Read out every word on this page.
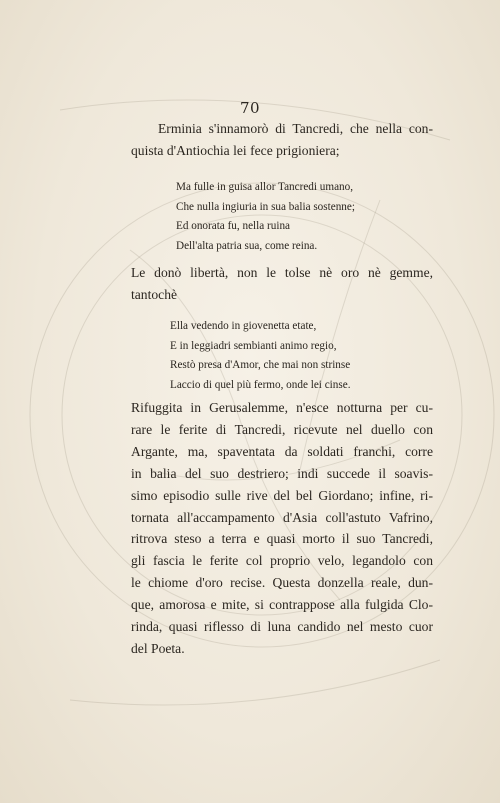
70
Erminia s'innamorò di Tancredi, che nella con-
quista d'Antiochia lei fece prigioniera;
Ma fulle in guisa allor Tancredi umano,
Che nulla ingiuria in sua balia sostenne;
Ed onorata fu, nella ruina
Dell'alta patria sua, come reina.
Le donò libertà, non le tolse nè oro nè gemme,
tantochè
Ella vedendo in giovenetta etate,
E in leggiadri sembianti animo regio,
Restò presa d'Amor, che mai non strinse
Laccio di quel più fermo, onde lei cinse.
Rifuggita in Gerusalemme, n'esce notturna per cu-
rare le ferite di Tancredi, ricevute nel duello con
Argante, ma, spaventata da soldati franchi, corre
in balia del suo destriero; indi succede il soavis-
simo episodio sulle rive del bel Giordano; infine, ri-
tornata all'accampamento d'Asia coll'astuto Vafrino,
ritrova steso a terra e quasi morto il suo Tancredi,
gli fascia le ferite col proprio velo, legandolo con
le chiome d'oro recise. Questa donzella reale, dun-
que, amorosa e mite, si contrappose alla fulgida Clo-
rinda, quasi riflesso di luna candido nel mesto cuor
del Poeta.
